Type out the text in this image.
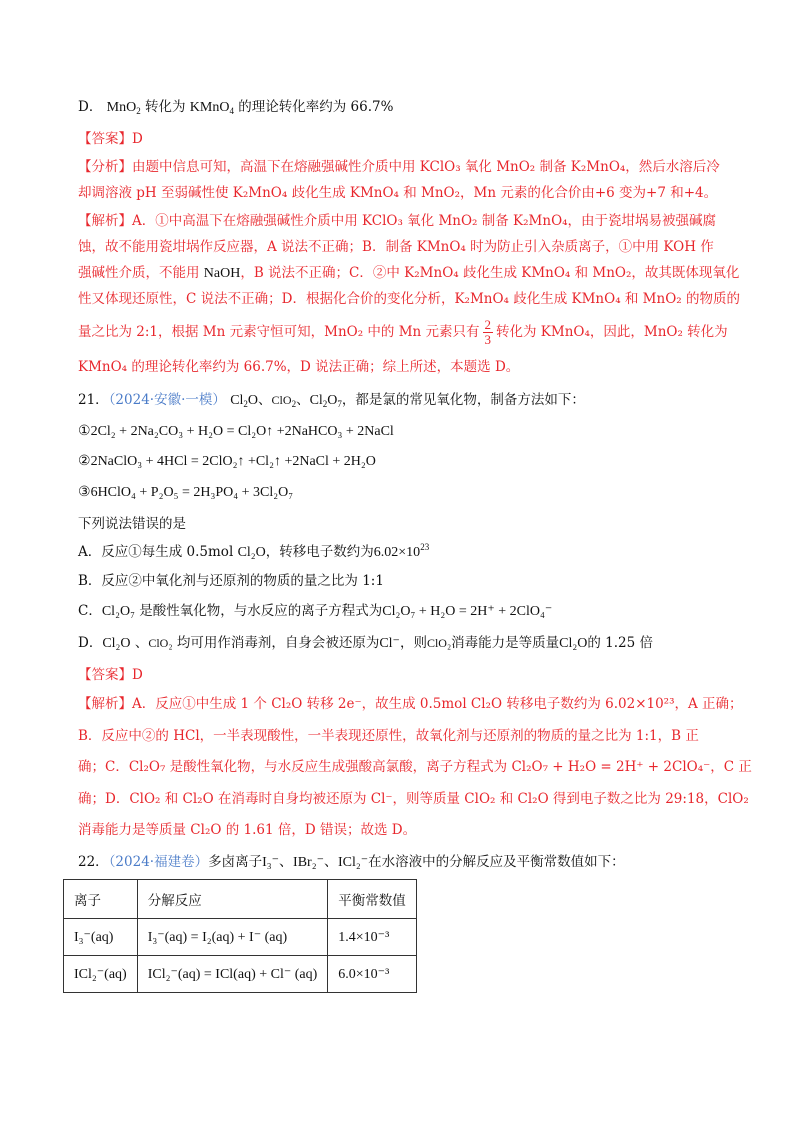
D． MnO$_2$ 转化为 KMnO$_4$ 的理论转化率约为 66.7%
【答案】D
【分析】由题中信息可知，高温下在熔融强碱性介质中用 KClO₃ 氧化 MnO₂ 制备 K₂MnO₄，然后水溶后冷
却调溶液 pH 至弱碱性使 K₂MnO₄ 歧化生成 KMnO₄ 和 MnO₂，Mn 元素的化合价由+6 变为+7 和+4。
【解析】A．①中高温下在熔融强碱性介质中用 KClO₃ 氧化 MnO₂ 制备 K₂MnO₄，由于瓷坩埚易被强碱腐
蚀，故不能用瓷坩埚作反应器，A 说法不正确；B．制备 KMnO₄ 时为防止引入杂质离子，①中用 KOH 作
强碱性介质，不能用 NaOH，B 说法不正确；C．②中 K₂MnO₄ 歧化生成 KMnO₄ 和 MnO₂，故其既体现氧化
性又体现还原性，C 说法不正确；D．根据化合价的变化分析，K₂MnO₄ 歧化生成 KMnO₄ 和 MnO₂ 的物质的
量之比为 2:1，根据 Mn 元素守恒可知，MnO₂ 中的 Mn 元素只有 $\frac{2}{3}$ 转化为 KMnO₄，因此，MnO₂ 转化为
KMnO₄ 的理论转化率约为 66.7%，D 说法正确；综上所述，本题选 D。
21．（2024·安徽·一模） $Cl_2O$、ClO$_2$、$Cl_2O_7$，都是氯的常见氧化物，制备方法如下：
①2Cl₂ + 2Na₂CO₃ + H₂O = Cl₂O↑ +2NaHCO₃ + 2NaCl
②2NaClO₃ + 4HCl = 2ClO₂↑ +Cl₂↑ +2NaCl + 2H₂O
③6HClO₄ + P₂O₅ = 2H₃PO₄ + 3Cl₂O₇
下列说法错误的是
A．反应①每生成 0.5mol Cl₂O，转移电子数约为$6.02\times 10^{23}$
B．反应②中氧化剂与还原剂的物质的量之比为 1:1
C．Cl₂O₇ 是酸性氧化物，与水反应的离子方程式为Cl₂O₇ + H₂O = 2H⁺ + 2ClO₄⁻
D．Cl₂O 、ClO₂ 均可用作消毒剂，自身会被还原为Cl⁻，则ClO₂消毒能力是等质量Cl₂O的 1.25 倍
【答案】D
【解析】A．反应①中生成 1 个 Cl₂O 转移 2e⁻，故生成 0.5mol Cl₂O 转移电子数约为 6.02×10²³，A 正确；
B．反应中②的 HCl，一半表现酸性，一半表现还原性，故氧化剂与还原剂的物质的量之比为 1:1，B 正
确；C．Cl₂O₇ 是酸性氧化物，与水反应生成强酸高氯酸，离子方程式为 Cl₂O₇ + H₂O = 2H⁺ + 2ClO₄⁻，C 正
确；D．ClO₂ 和 Cl₂O 在消毒时自身均被还原为 Cl⁻，则等质量 ClO₂ 和 Cl₂O 得到电子数之比为 29:18，ClO₂
消毒能力是等质量 Cl₂O 的 1.61 倍，D 错误；故选 D。
22．（2024·福建卷）多卤离子I₃⁻、IBr₂⁻、ICl₂⁻在水溶液中的分解反应及平衡常数值如下：
离子	分解反应	平衡常数值
I₃⁻(aq)	I₃⁻(aq) = I₂(aq) + I⁻ (aq)	1.4×10⁻³
ICl₂⁻(aq)	ICl₂⁻(aq) = ICl(aq) + Cl⁻ (aq)	6.0×10⁻³
